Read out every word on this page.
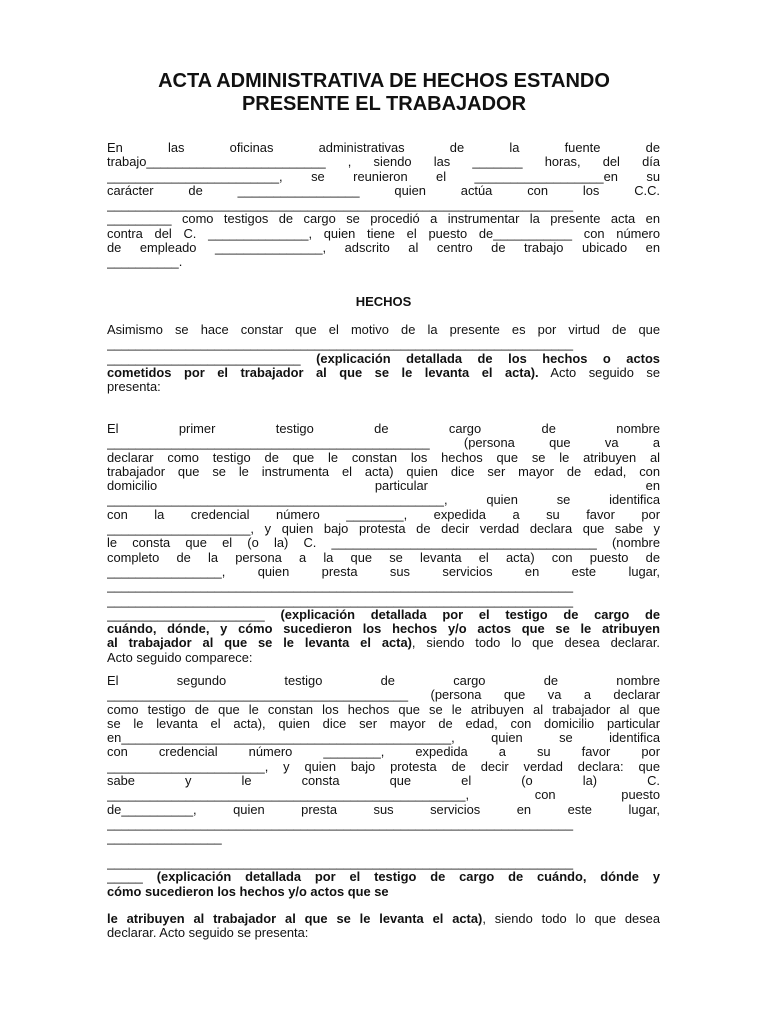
ACTA ADMINISTRATIVA DE HECHOS ESTANDO
PRESENTE EL TRABAJADOR
En las oficinas administrativas de la fuente de
trabajo_________________________ , siendo las _______ horas, del día
________________________, se reunieron el __________________en su
carácter de _________________ quien actúa con los C.C.
_________________________________________________________________
_________ como testigos de cargo se procedió a instrumentar la presente acta en
contra del C. ______________, quien tiene el puesto de___________ con número
de empleado _______________, adscrito al centro de trabajo ubicado en
__________.
HECHOS
Asimismo se hace constar que el motivo de la presente es por virtud de que
_________________________________________________________________
___________________________ (explicación detallada de los hechos o actos
cometidos por el trabajador al que se le levanta el acta). Acto seguido se
presenta:
El primer testigo de cargo de nombre
_____________________________________________ (persona que va a
declarar como testigo de que le constan los hechos que se le atribuyen al
trabajador que se le instrumenta el acta) quien dice ser mayor de edad, con
domicilio particular en
_______________________________________________, quien se identifica
con la credencial número ________, expedida a su favor por
____________________, y quien bajo protesta de decir verdad declara que sabe y
le consta que el (o la) C. _____________________________________ (nombre
completo de la persona a la que se levanta el acta) con puesto de
________________, quien presta sus servicios en este lugar,
_________________________________________________________________
_________________________________________________________________
______________________ (explicación detallada por el testigo de cargo de
cuándo, dónde, y cómo sucedieron los hechos y/o actos que se le atribuyen
al trabajador al que se le levanta el acta), siendo todo lo que desea declarar.
Acto seguido comparece:
El segundo testigo de cargo de nombre
__________________________________________ (persona que va a declarar
como testigo de que le constan los hechos que se le atribuyen al trabajador al que
se le levanta el acta), quien dice ser mayor de edad, con domicilio particular
en______________________________________________, quien se identifica
con credencial número ________, expedida a su favor por
______________________, y quien bajo protesta de decir verdad declara: que
sabe y le consta que el (o la) C.
__________________________________________________, con puesto
de__________, quien presta sus servicios en este lugar,
_________________________________________________________________
________________
_________________________________________________________________
_____ (explicación detallada por el testigo de cargo de cuándo, dónde y
cómo sucedieron los hechos y/o actos que se
le atribuyen al trabajador al que se le levanta el acta), siendo todo lo que desea
declarar. Acto seguido se presenta:
